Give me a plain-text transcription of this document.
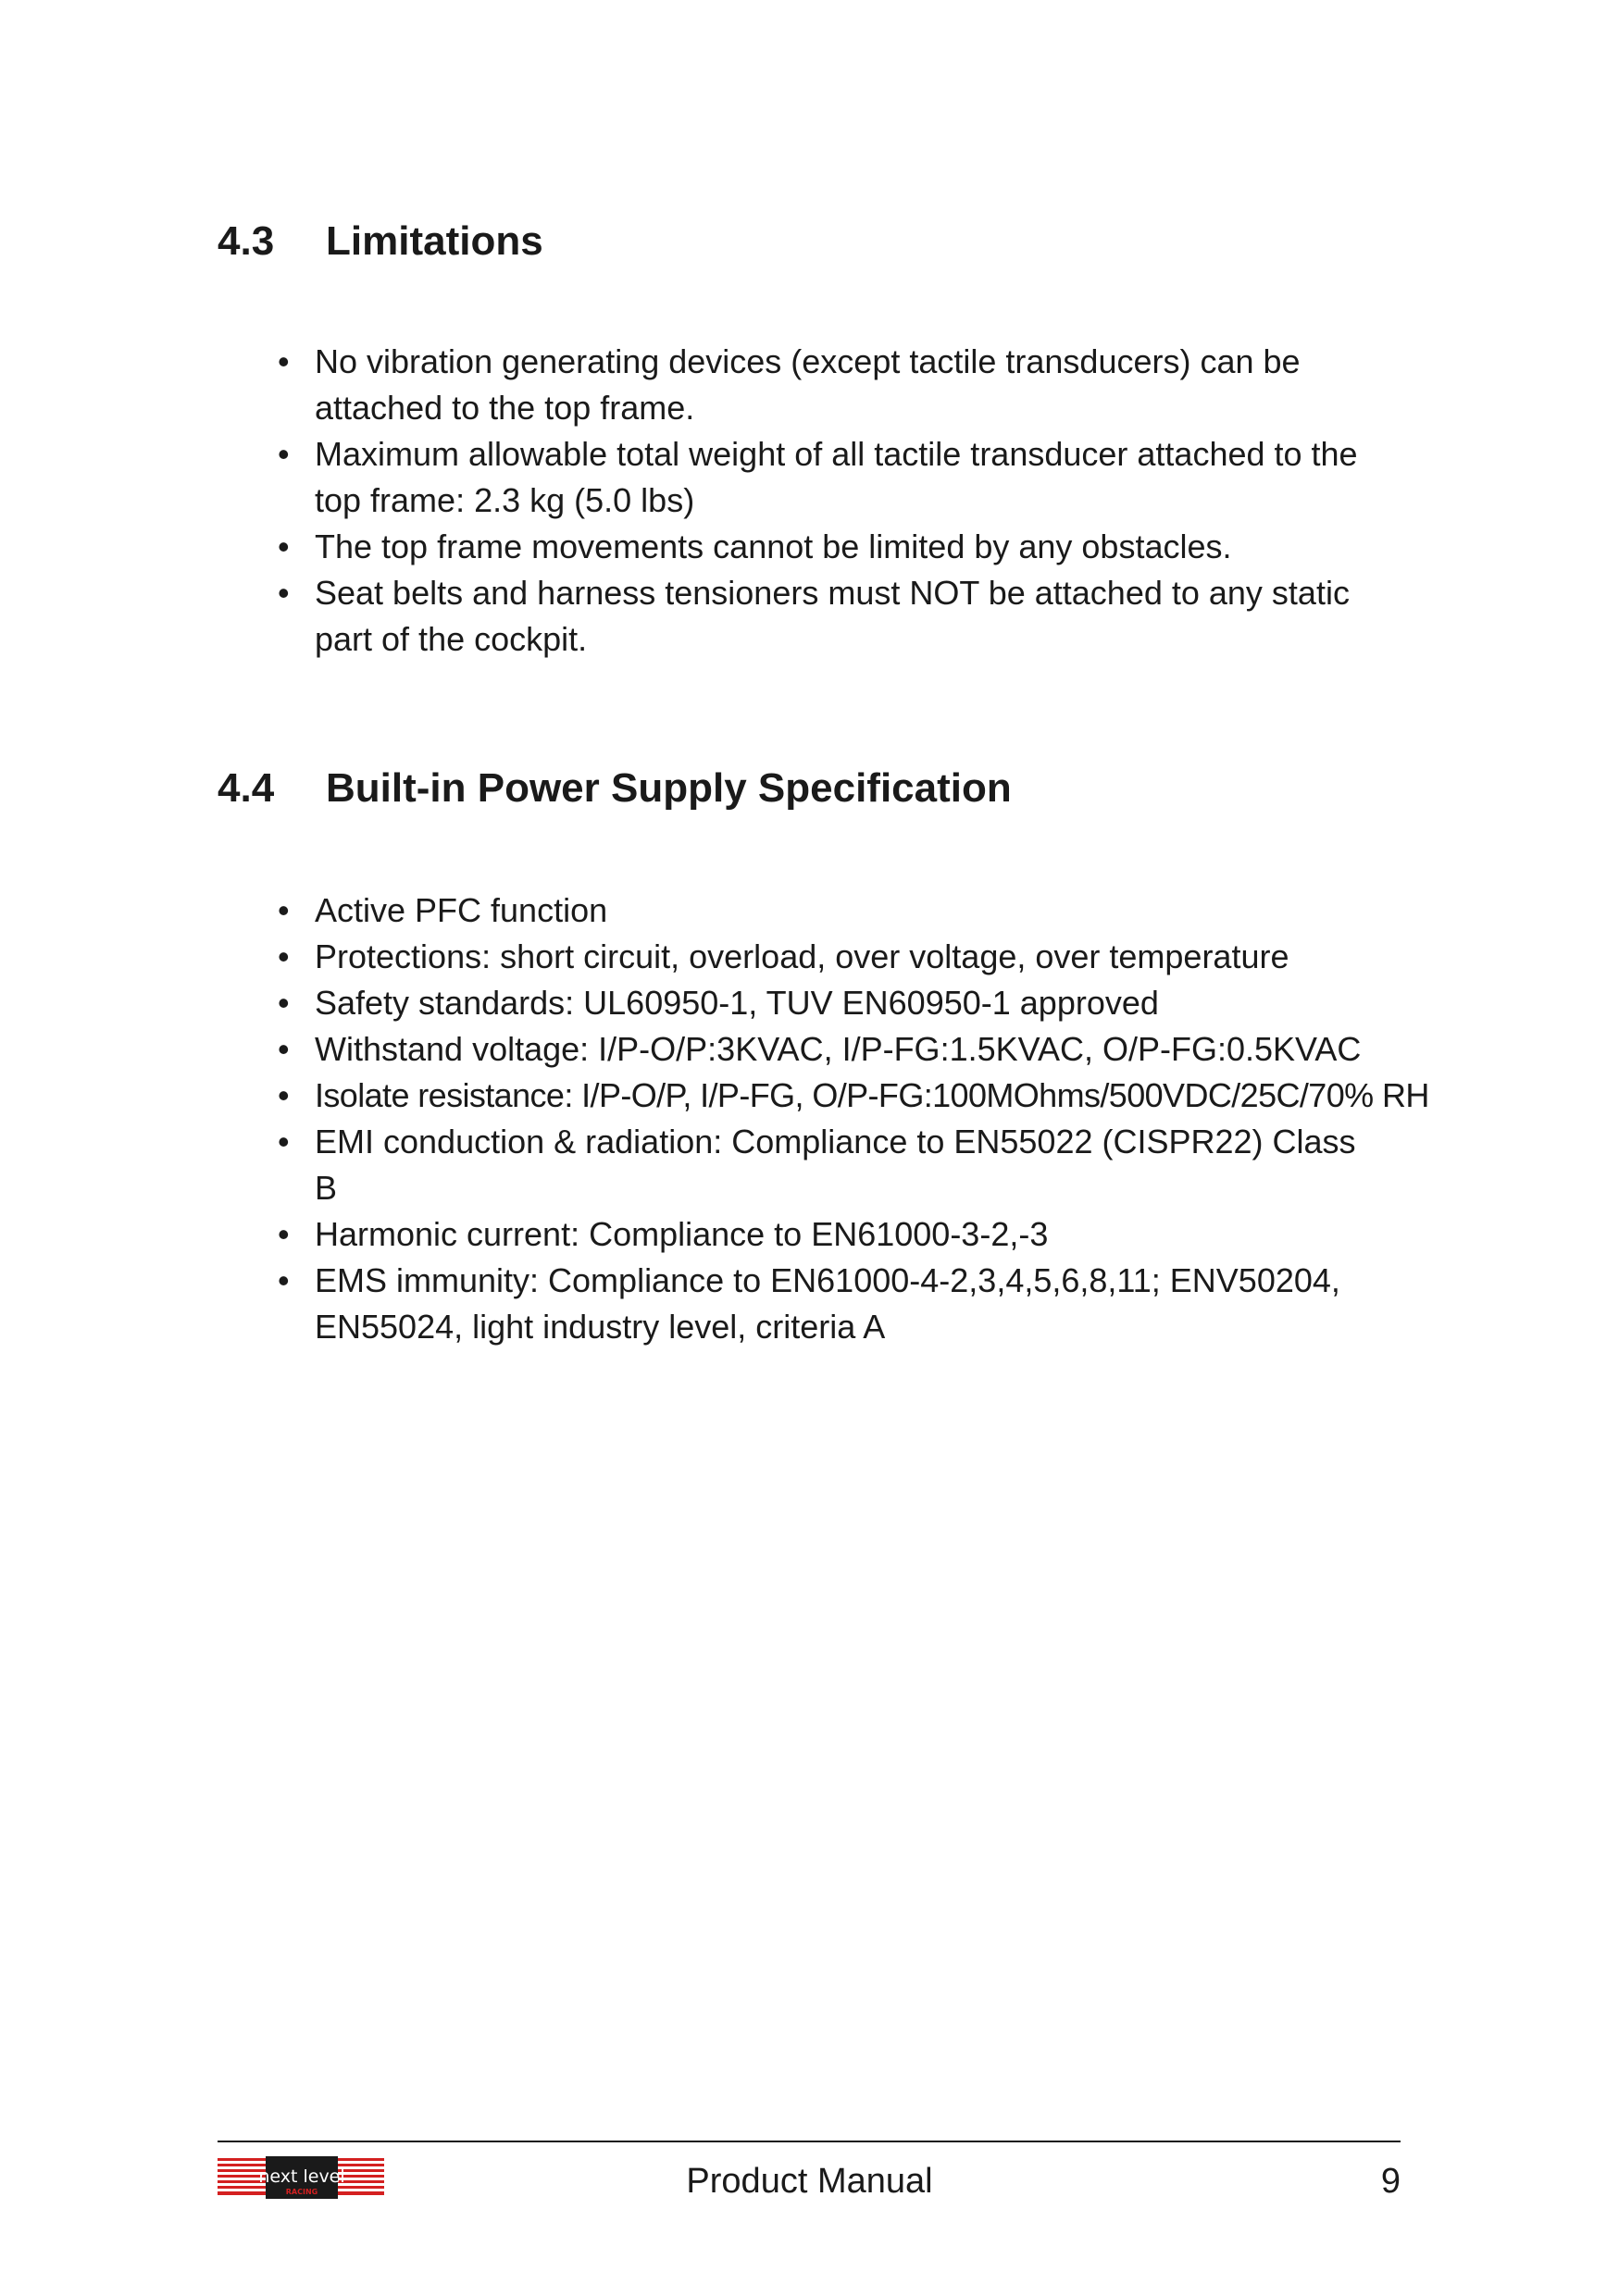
4.3	Limitations
• No vibration generating devices (except tactile transducers) can be attached to the top frame.
• Maximum allowable total weight of all tactile transducer attached to the top frame: 2.3 kg (5.0 lbs)
• The top frame movements cannot be limited by any obstacles.
• Seat belts and harness tensioners must NOT be attached to any static part of the cockpit.
4.4	Built-in Power Supply Specification
• Active PFC function
• Protections: short circuit, overload, over voltage, over temperature
• Safety standards: UL60950-1, TUV EN60950-1 approved
• Withstand voltage: I/P-O/P:3KVAC, I/P-FG:1.5KVAC, O/P-FG:0.5KVAC
• Isolate resistance: I/P-O/P, I/P-FG, O/P-FG:100MOhms/500VDC/25C/70% RH
• EMI conduction & radiation: Compliance to EN55022 (CISPR22) Class B
• Harmonic current: Compliance to EN61000-3-2,-3
• EMS immunity: Compliance to EN61000-4-2,3,4,5,6,8,11; ENV50204, EN55024, light industry level, criteria A
next level
RACING	Product Manual	9
